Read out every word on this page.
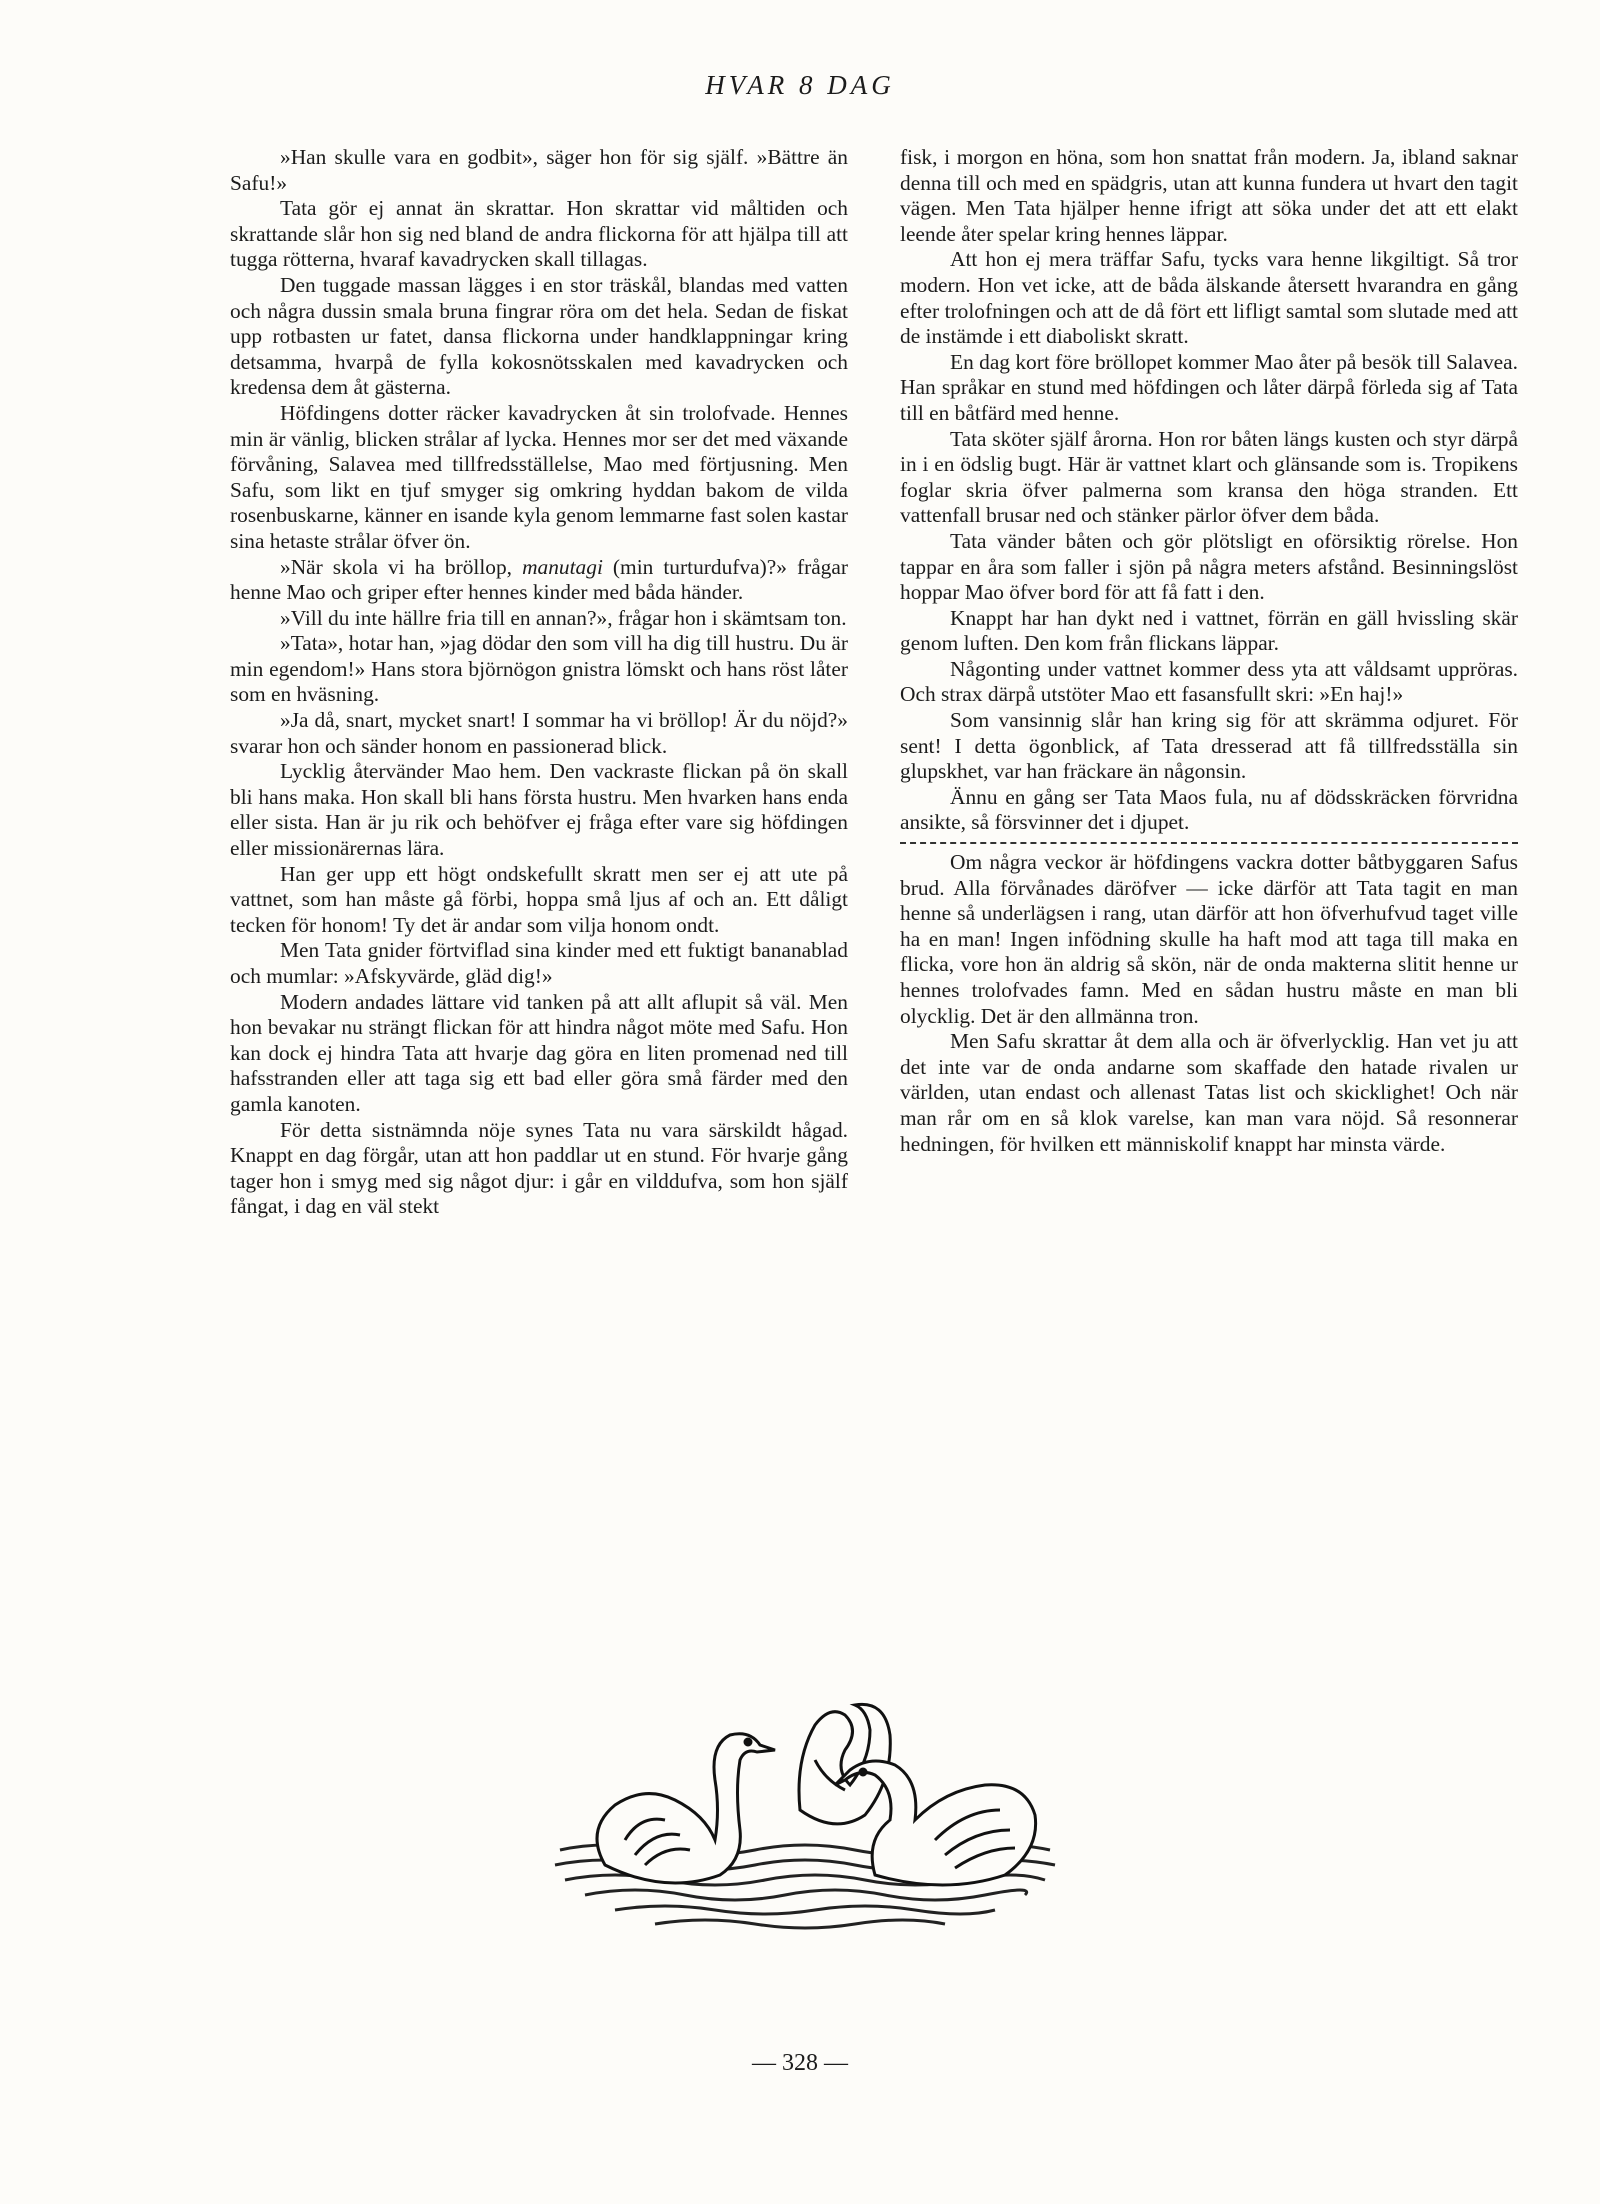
HVAR 8 DAG

»Han skulle vara en godbit», säger hon för sig själf. »Bättre än Safu!»

Tata gör ej annat än skrattar. Hon skrattar vid måltiden och skrattande slår hon sig ned bland de andra flickorna för att hjälpa till att tugga rötterna, hvaraf kavadrycken skall tillagas.

Den tuggade massan lägges i en stor träskål, blandas med vatten och några dussin smala bruna fingrar röra om det hela. Sedan de fiskat upp rotbasten ur fatet, dansa flickorna under handklappningar kring detsamma, hvarpå de fylla kokosnötsskalen med kavadrycken och kredensa dem åt gästerna.

Höfdingens dotter räcker kavadrycken åt sin trolofvade. Hennes min är vänlig, blicken strålar af lycka. Hennes mor ser det med växande förvåning, Salavea med tillfredsställelse, Mao med förtjusning. Men Safu, som likt en tjuf smyger sig omkring hyddan bakom de vilda rosenbuskarne, känner en isande kyla genom lemmarne fast solen kastar sina hetaste strålar öfver ön.

»När skola vi ha bröllop, manutagi (min turturdufva)?» frågar henne Mao och griper efter hennes kinder med båda händer.

»Vill du inte hällre fria till en annan?», frågar hon i skämtsam ton.

»Tata», hotar han, »jag dödar den som vill ha dig till hustru. Du är min egendom!» Hans stora björnögon gnistra lömskt och hans röst låter som en hväsning.

»Ja då, snart, mycket snart! I sommar ha vi bröllop! Är du nöjd?» svarar hon och sänder honom en passionerad blick.

Lycklig återvänder Mao hem. Den vackraste flickan på ön skall bli hans maka. Hon skall bli hans första hustru. Men hvarken hans enda eller sista. Han är ju rik och behöfver ej fråga efter vare sig höfdingen eller missionärernas lära.

Han ger upp ett högt ondskefullt skratt men ser ej att ute på vattnet, som han måste gå förbi, hoppa små ljus af och an. Ett dåligt tecken för honom! Ty det är andar som vilja honom ondt.

Men Tata gnider förtviflad sina kinder med ett fuktigt bananablad och mumlar: »Afskyvärde, gläd dig!»

Modern andades lättare vid tanken på att allt aflupit så väl. Men hon bevakar nu strängt flickan för att hindra något möte med Safu. Hon kan dock ej hindra Tata att hvarje dag göra en liten promenad ned till hafsstranden eller att taga sig ett bad eller göra små färder med den gamla kanoten.

För detta sistnämnda nöje synes Tata nu vara särskildt hågad. Knappt en dag förgår, utan att hon paddlar ut en stund. För hvarje gång tager hon i smyg med sig något djur: i går en vilddufva, som hon själf fångat, i dag en väl stekt

fisk, i morgon en höna, som hon snattat från modern. Ja, ibland saknar denna till och med en spädgris, utan att kunna fundera ut hvart den tagit vägen. Men Tata hjälper henne ifrigt att söka under det att ett elakt leende åter spelar kring hennes läppar.

Att hon ej mera träffar Safu, tycks vara henne likgiltigt. Så tror modern. Hon vet icke, att de båda älskande återsett hvarandra en gång efter trolofningen och att de då fört ett lifligt samtal som slutade med att de instämde i ett diaboliskt skratt.

En dag kort före bröllopet kommer Mao åter på besök till Salavea. Han språkar en stund med höfdingen och låter därpå förleda sig af Tata till en båtfärd med henne.

Tata sköter själf årorna. Hon ror båten längs kusten och styr därpå in i en ödslig bugt. Här är vattnet klart och glänsande som is. Tropikens foglar skria öfver palmerna som kransa den höga stranden. Ett vattenfall brusar ned och stänker pärlor öfver dem båda.

Tata vänder båten och gör plötsligt en oförsiktig rörelse. Hon tappar en åra som faller i sjön på några meters afstånd. Besinningslöst hoppar Mao öfver bord för att få fatt i den.

Knappt har han dykt ned i vattnet, förrän en gäll hvissling skär genom luften. Den kom från flickans läppar.

Någonting under vattnet kommer dess yta att våldsamt uppröras. Och strax därpå utstöter Mao ett fasansfullt skri: »En haj!»

Som vansinnig slår han kring sig för att skrämma odjuret. För sent! I detta ögonblick, af Tata dresserad att få tillfredsställa sin glupskhet, var han fräckare än någonsin.

Ännu en gång ser Tata Maos fula, nu af dödsskräcken förvridna ansikte, så försvinner det i djupet.

Om några veckor är höfdingens vackra dotter båtbyggaren Safus brud. Alla förvånades däröfver — icke därför att Tata tagit en man henne så underlägsen i rang, utan därför att hon öfverhufvud taget ville ha en man! Ingen infödning skulle ha haft mod att taga till maka en flicka, vore hon än aldrig så skön, när de onda makterna slitit henne ur hennes trolofvades famn. Med en sådan hustru måste en man bli olycklig. Det är den allmänna tron.

Men Safu skrattar åt dem alla och är öfverlycklig. Han vet ju att det inte var de onda andarne som skaffade den hatade rivalen ur världen, utan endast och allenast Tatas list och skicklighet! Och när man rår om en så klok varelse, kan man vara nöjd. Så resonnerar hedningen, för hvilken ett människolif knappt har minsta värde.

— 328 —
